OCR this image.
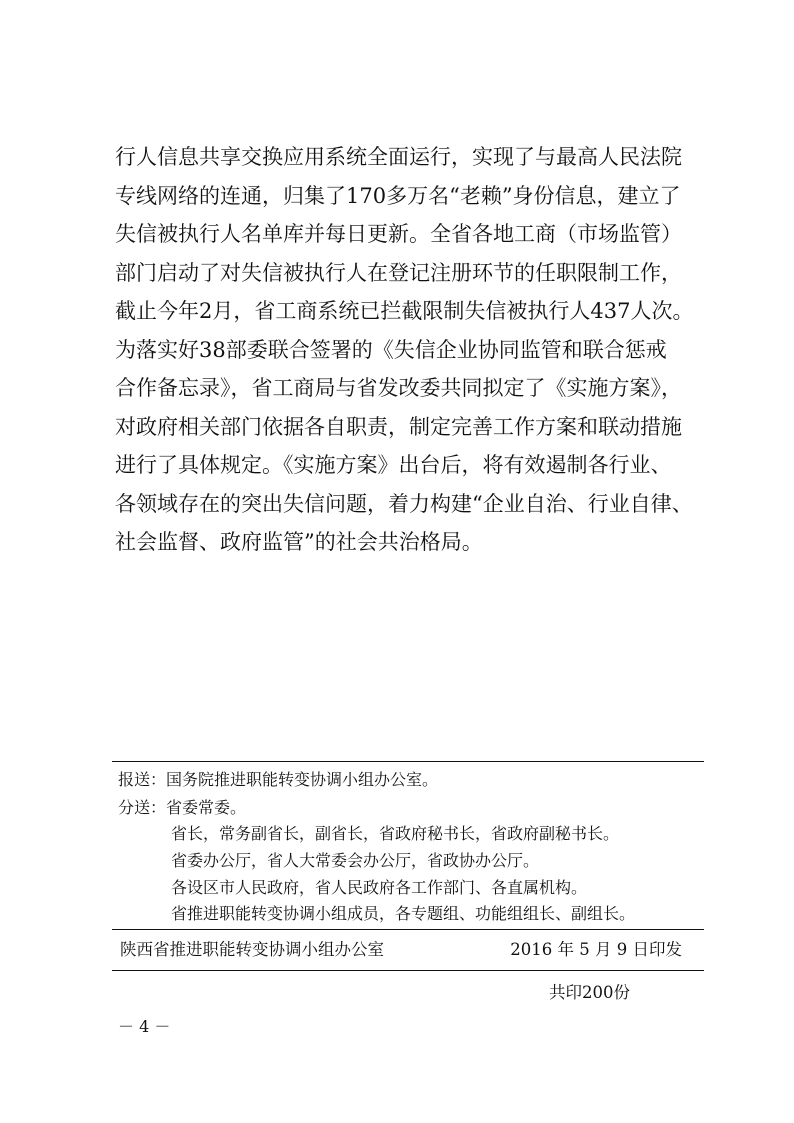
行人信息共享交换应用系统全面运行，实现了与最高人民法院
专线网络的连通，归集了170多万名“老赖”身份信息，建立了
失信被执行人名单库并每日更新。全省各地工商（市场监管）
部门启动了对失信被执行人在登记注册环节的任职限制工作，
截止今年2月，省工商系统已拦截限制失信被执行人437人次。
为落实好38部委联合签署的《失信企业协同监管和联合惩戒
合作备忘录》，省工商局与省发改委共同拟定了《实施方案》，
对政府相关部门依据各自职责，制定完善工作方案和联动措施
进行了具体规定。《实施方案》出台后，将有效遏制各行业、
各领域存在的突出失信问题，着力构建“企业自治、行业自律、
社会监督、政府监管”的社会共治格局。
报送：国务院推进职能转变协调小组办公室。
分送：省委常委。
省长，常务副省长，副省长，省政府秘书长，省政府副秘书长。
省委办公厅，省人大常委会办公厅，省政协办公厅。
各设区市人民政府，省人民政府各工作部门、各直属机构。
省推进职能转变协调小组成员，各专题组、功能组组长、副组长。
陕西省推进职能转变协调小组办公室	2016 年 5 月 9 日印发
共印200份
－ 4 －
